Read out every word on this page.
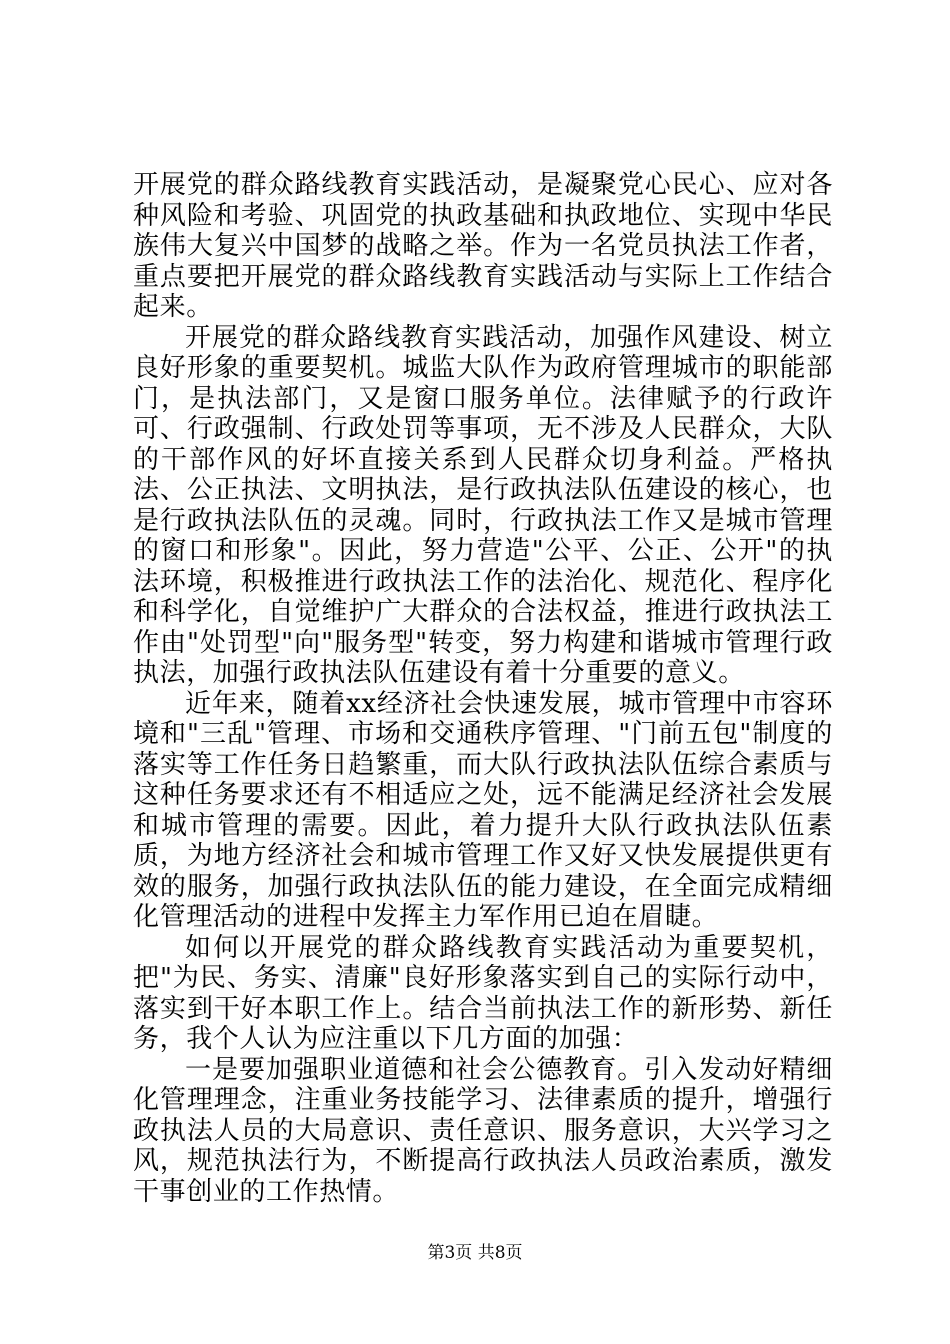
开展党的群众路线教育实践活动，是凝聚党心民心、应对各种风险和考验、巩固党的执政基础和执政地位、实现中华民族伟大复兴中国梦的战略之举。作为一名党员执法工作者，重点要把开展党的群众路线教育实践活动与实际上工作结合起来。

开展党的群众路线教育实践活动，加强作风建设、树立良好形象的重要契机。城监大队作为政府管理城市的职能部门，是执法部门，又是窗口服务单位。法律赋予的行政许可、行政强制、行政处罚等事项，无不涉及人民群众，大队的干部作风的好坏直接关系到人民群众切身利益。严格执法、公正执法、文明执法，是行政执法队伍建设的核心，也是行政执法队伍的灵魂。同时，行政执法工作又是城市管理的窗口和形象"。因此，努力营造"公平、公正、公开"的执法环境，积极推进行政执法工作的法治化、规范化、程序化和科学化，自觉维护广大群众的合法权益，推进行政执法工作由"处罚型"向"服务型"转变，努力构建和谐城市管理行政执法，加强行政执法队伍建设有着十分重要的意义。

近年来，随着xx经济社会快速发展，城市管理中市容环境和"三乱"管理、市场和交通秩序管理、"门前五包"制度的落实等工作任务日趋繁重，而大队行政执法队伍综合素质与这种任务要求还有不相适应之处，远不能满足经济社会发展和城市管理的需要。因此，着力提升大队行政执法队伍素质，为地方经济社会和城市管理工作又好又快发展提供更有效的服务，加强行政执法队伍的能力建设，在全面完成精细化管理活动的进程中发挥主力军作用已迫在眉睫。

如何以开展党的群众路线教育实践活动为重要契机，把"为民、务实、清廉"良好形象落实到自己的实际行动中，落实到干好本职工作上。结合当前执法工作的新形势、新任务，我个人认为应注重以下几方面的加强：

一是要加强职业道德和社会公德教育。引入发动好精细化管理理念，注重业务技能学习、法律素质的提升，增强行政执法人员的大局意识、责任意识、服务意识，大兴学习之风，规范执法行为，不断提高行政执法人员政治素质，激发干事创业的工作热情。

第3页 共8页
